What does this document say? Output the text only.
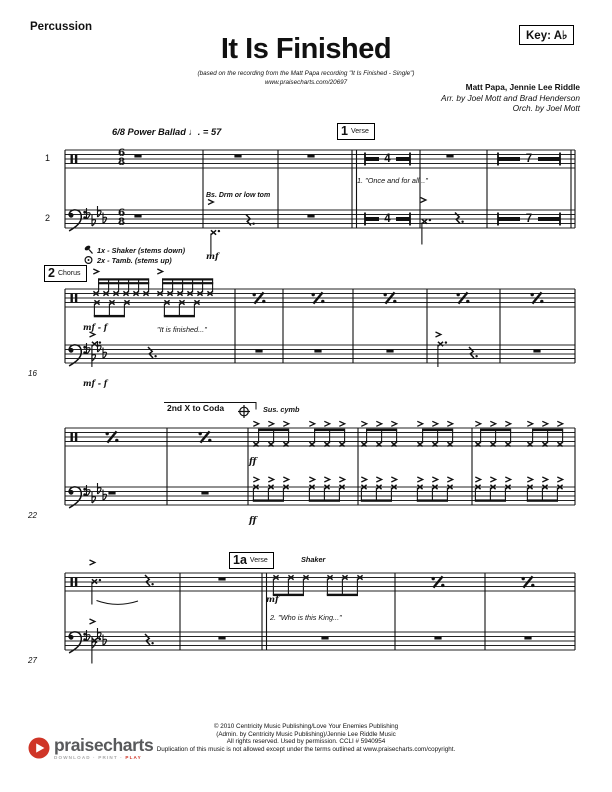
Percussion
Key: A♭
It Is Finished
(based on the recording from the Matt Papa recording "It Is Finished - Single")
www.praisecharts.com/20697	Matt Papa, Jennie Lee Riddle
Arr. by Joel Mott and Brad Henderson
Orch. by Joel Mott
6/8 Power Ballad ♩. = 57	1 Verse
1
2
6
8
6
8
Bs. Drm or low tom
mf
1. "Once and for all..."
4
4
7
7
1x - Shaker (stems down)
2x - Tamb. (stems up)
2 Chorus
mf - f	"It is finished..."
mf - f
16
2nd X to Coda	Sus. cymb
ff
ff
22
1a Verse	Shaker
mf
2. "Who is this King..."
27
© 2010 Centricity Music Publishing/Love Your Enemies Publishing
(Admin. by Centricity Music Publishing)/Jennie Lee Riddle Music
All rights reserved. Used by permission. CCLI # 5940954
Duplication of this music is not allowed except under the terms outlined at www.praisecharts.com/copyright.
praisecharts
DOWNLOAD · PRINT · PLAY
